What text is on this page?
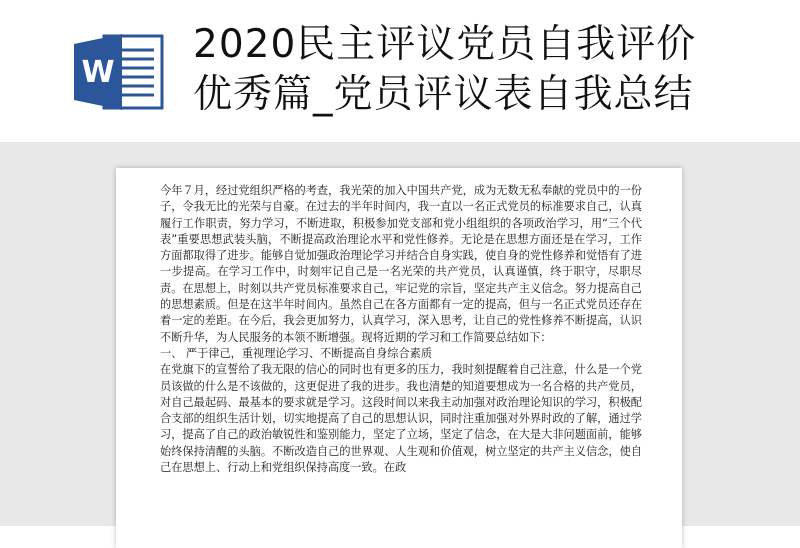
W
2020民主评议党员自我评价
优秀篇_党员评议表自我总结

今年７月，经过党组织严格的考查，我光荣的加入中国共产党，成为无数无私奉献的党员中的一份子，令我无比的光荣与自豪。在过去的半年时间内，我一直以一名正式党员的标准要求自己，认真履行工作职责，努力学习，不断进取，积极参加党支部和党小组组织的各项政治学习，用“三个代表”重要思想武装头脑，不断提高政治理论水平和党性修养。无论是在思想方面还是在学习，工作方面都取得了进步。能够自觉加强政治理论学习并结合自身实践，使自身的党性修养和觉悟有了进一步提高。在学习工作中，时刻牢记自己是一名光荣的共产党员，认真谨慎，终于职守，尽职尽责。在思想上，时刻以共产党员标准要求自己，牢记党的宗旨，坚定共产主义信念。努力提高自己的思想素质。但是在这半年时间内。虽然自己在各方面都有一定的提高，但与一名正式党员还存在着一定的差距。在今后，我会更加努力，认真学习，深入思考，让自己的党性修养不断提高，认识不断升华，为人民服务的本领不断增强。现将近期的学习和工作简要总结如下：

一、 严于律己，重视理论学习、不断提高自身综合素质

在党旗下的宣誓给了我无限的信心的同时也有更多的压力，我时刻提醒着自己注意，什么是一个党员该做的什么是不该做的，这更促进了我的进步。我也清楚的知道要想成为一名合格的共产党员，对自己最起码、最基本的要求就是学习。这段时间以来我主动加强对政治理论知识的学习，积极配合支部的组织生活计划，切实地提高了自己的思想认识，同时注重加强对外界时政的了解，通过学习，提高了自己的政治敏锐性和鉴别能力，坚定了立场，坚定了信念，在大是大非问题面前，能够始终保持清醒的头脑。不断改造自己的世界观、人生观和价值观，树立坚定的共产主义信念，使自己在思想上、行动上和党组织保持高度一致。在政
